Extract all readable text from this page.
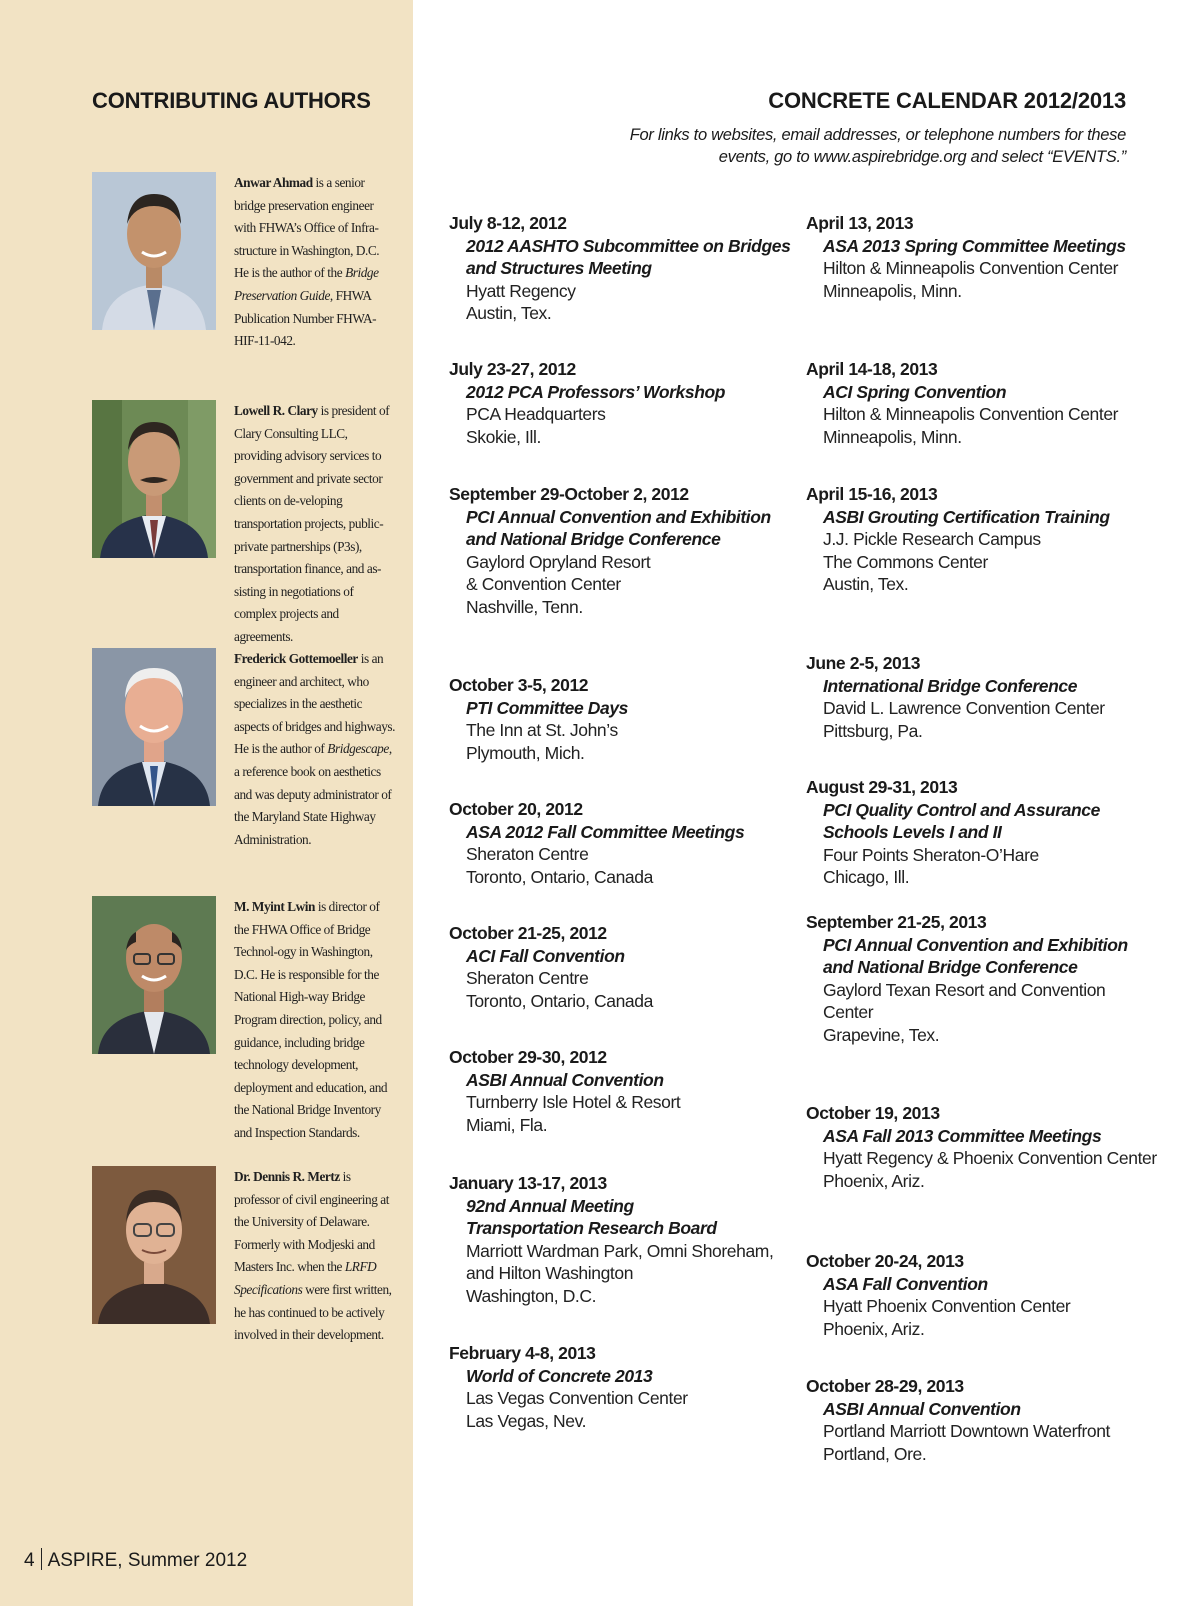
CONTRIBUTING AUTHORS
Anwar Ahmad is a senior bridge preservation engineer with FHWA’s Office of Infra-structure in Washington, D.C. He is the author of the Bridge Preservation Guide, FHWA Publication Number FHWA-HIF-11-042.
Lowell R. Clary is president of Clary Consulting LLC, providing advisory services to government and private sector clients on de-veloping transportation projects, public-private partnerships (P3s), transportation finance, and as-sisting in negotiations of complex projects and agreements.
Frederick Gottemoeller is an engineer and architect, who specializes in the aesthetic aspects of bridges and highways. He is the author of Bridgescape, a reference book on aesthetics and was deputy administrator of the Maryland State Highway Administration.
M. Myint Lwin is director of the FHWA Office of Bridge Technol-ogy in Washington, D.C. He is responsible for the National High-way Bridge Program direction, policy, and guidance, including bridge technology development, deployment and education, and the National Bridge Inventory and Inspection Standards.
Dr. Dennis R. Mertz is professor of civil engineering at the University of Delaware. Formerly with Modjeski and Masters Inc. when the LRFD Specifications were first written, he has continued to be actively involved in their development.
4 ASPIRE, Summer 2012
CONCRETE CALENDAR 2012/2013
For links to websites, email addresses, or telephone numbers for these events, go to www.aspirebridge.org and select “EVENTS.”
July 8-12, 2012
2012 AASHTO Subcommittee on Bridges and Structures Meeting
Hyatt Regency
Austin, Tex.
July 23-27, 2012
2012 PCA Professors’ Workshop
PCA Headquarters
Skokie, Ill.
September 29-October 2, 2012
PCI Annual Convention and Exhibition and National Bridge Conference
Gaylord Opryland Resort
& Convention Center
Nashville, Tenn.
October 3-5, 2012
PTI Committee Days
The Inn at St. John’s
Plymouth, Mich.
October 20, 2012
ASA 2012 Fall Committee Meetings
Sheraton Centre
Toronto, Ontario, Canada
October 21-25, 2012
ACI Fall Convention
Sheraton Centre
Toronto, Ontario, Canada
October 29-30, 2012
ASBI Annual Convention
Turnberry Isle Hotel & Resort
Miami, Fla.
January 13-17, 2013
92nd Annual Meeting
Transportation Research Board
Marriott Wardman Park, Omni Shoreham, and Hilton Washington
Washington, D.C.
February 4-8, 2013
World of Concrete 2013
Las Vegas Convention Center
Las Vegas, Nev.
April 13, 2013
ASA 2013 Spring Committee Meetings
Hilton & Minneapolis Convention Center
Minneapolis, Minn.
April 14-18, 2013
ACI Spring Convention
Hilton & Minneapolis Convention Center
Minneapolis, Minn.
April 15-16, 2013
ASBI Grouting Certification Training
J.J. Pickle Research Campus
The Commons Center
Austin, Tex.
June 2-5, 2013
International Bridge Conference
David L. Lawrence Convention Center
Pittsburg, Pa.
August 29-31, 2013
PCI Quality Control and Assurance Schools Levels I and II
Four Points Sheraton-O’Hare
Chicago, Ill.
September 21-25, 2013
PCI Annual Convention and Exhibition and National Bridge Conference
Gaylord Texan Resort and Convention Center
Grapevine, Tex.
October 19, 2013
ASA Fall 2013 Committee Meetings
Hyatt Regency & Phoenix Convention Center
Phoenix, Ariz.
October 20-24, 2013
ASA Fall Convention
Hyatt Phoenix Convention Center
Phoenix, Ariz.
October 28-29, 2013
ASBI Annual Convention
Portland Marriott Downtown Waterfront
Portland, Ore.
